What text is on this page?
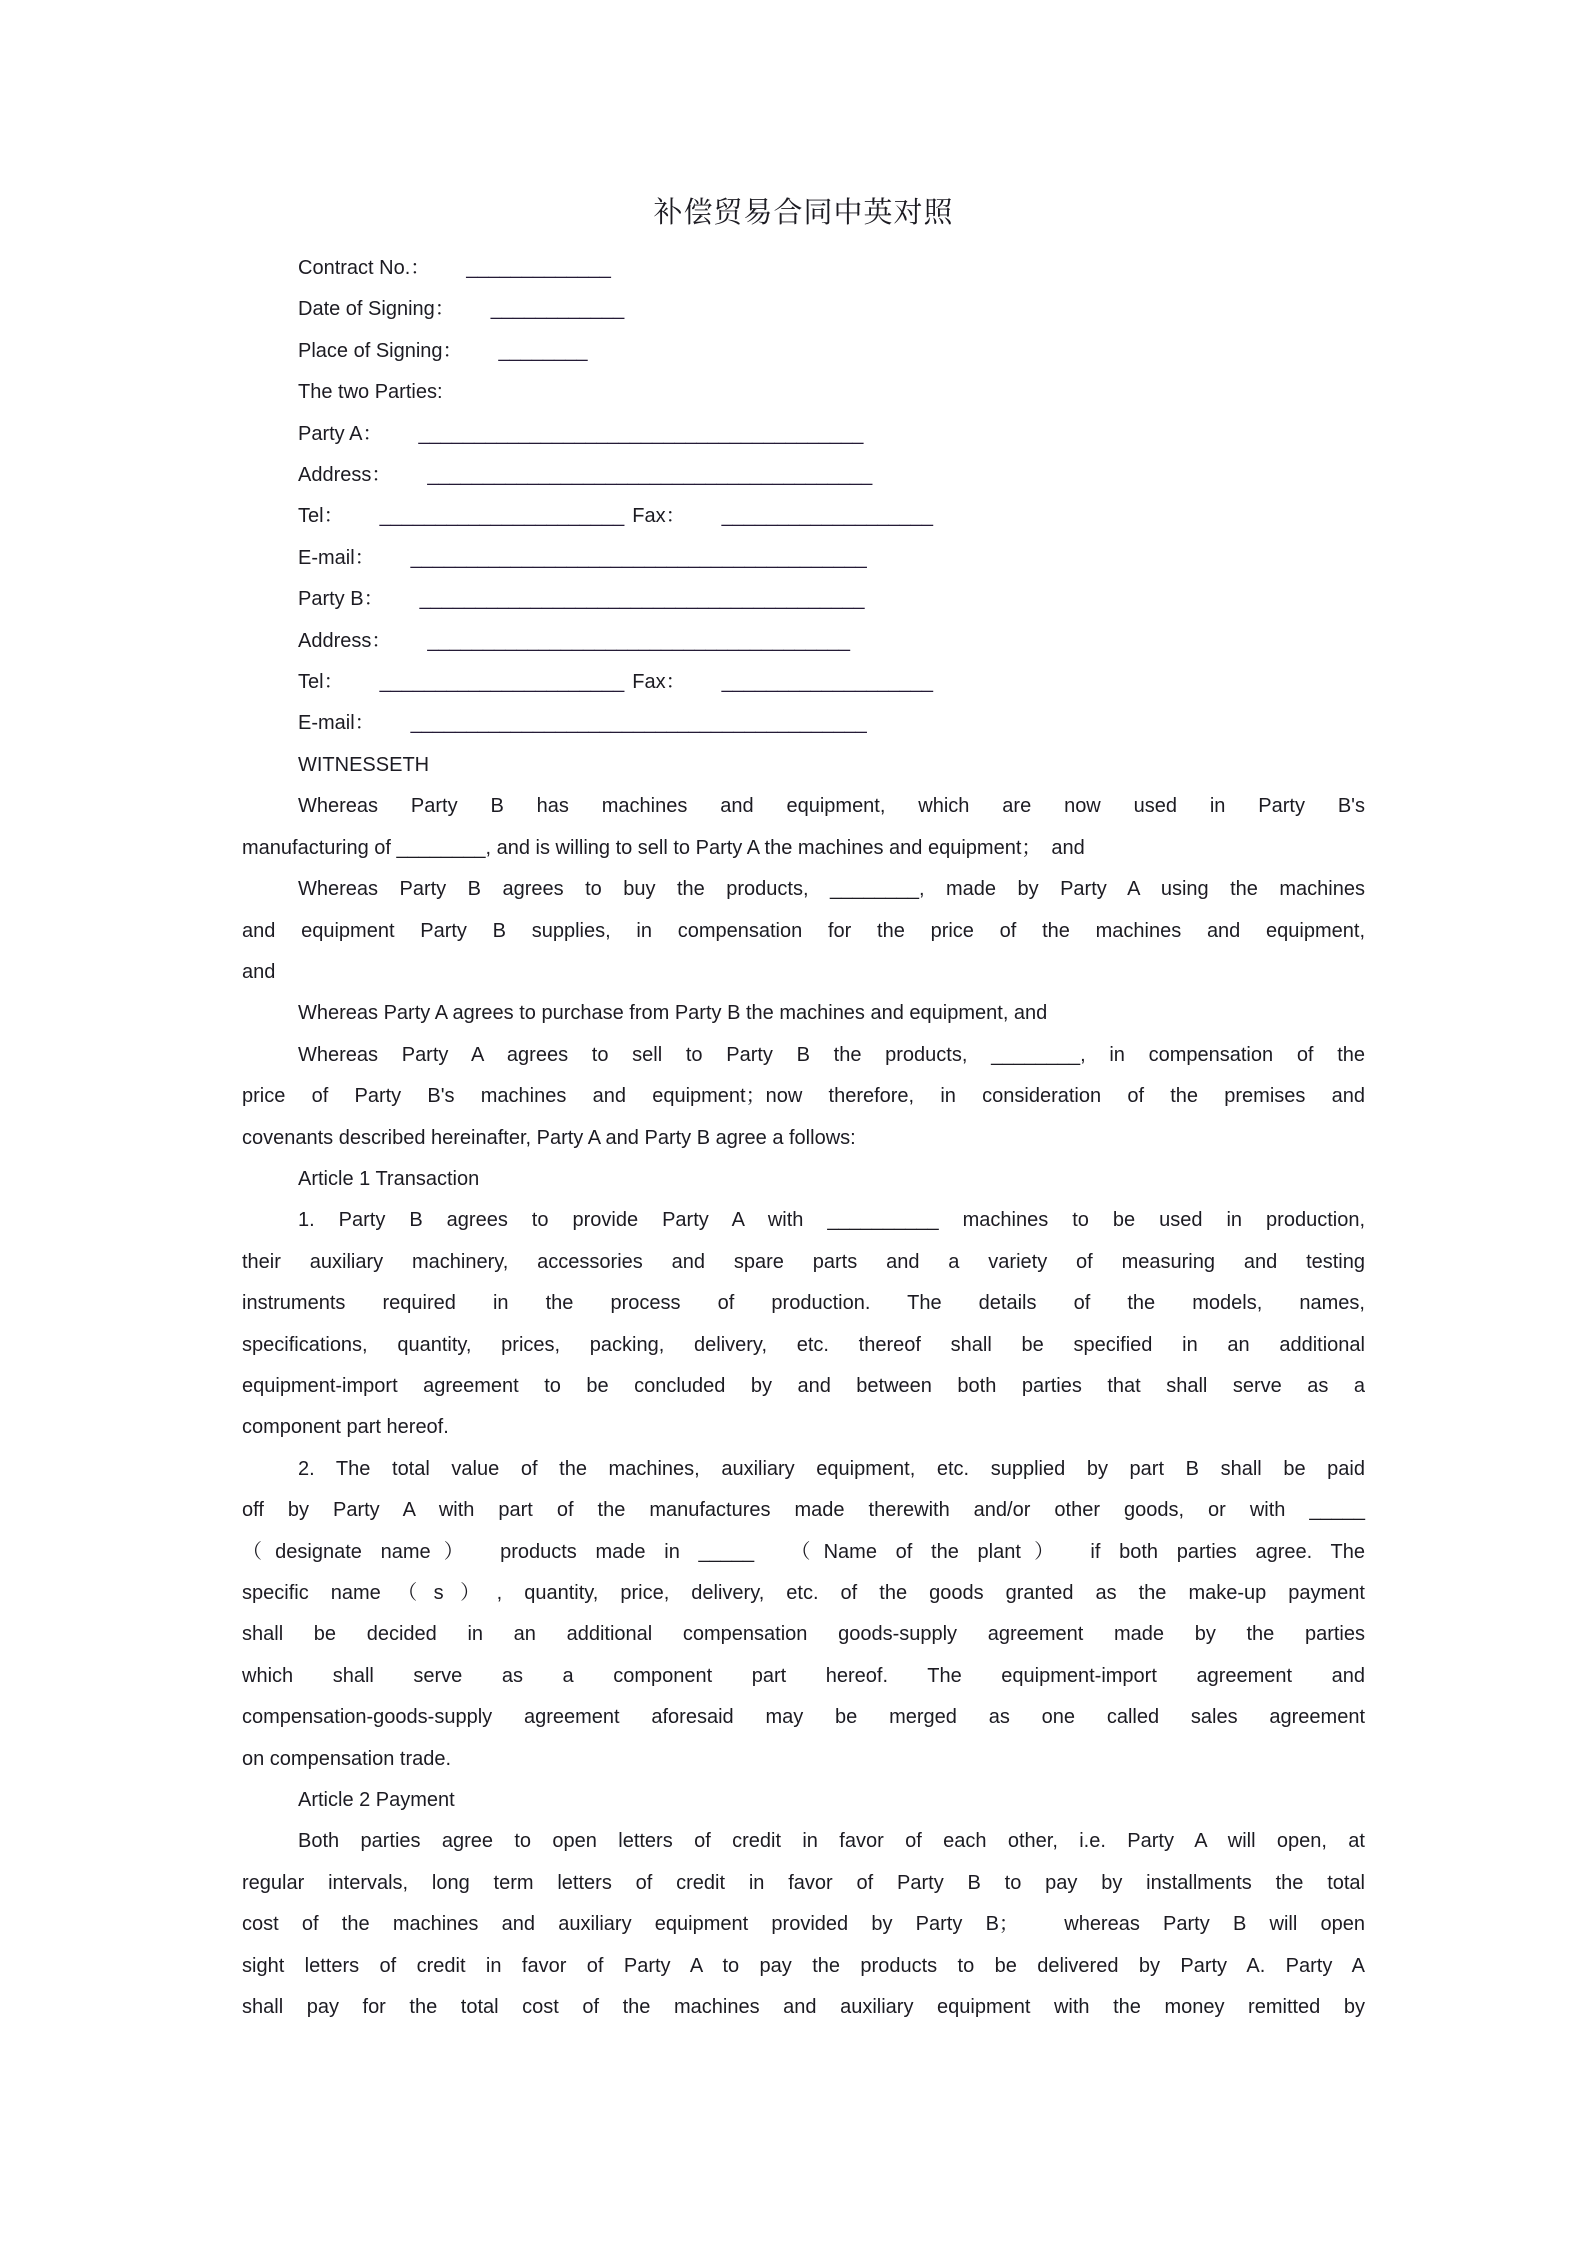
补偿贸易合同中英对照
Contract No.： _____________
Date of Signing： ____________
Place of Signing： ________
The two Parties:
Party A： ________________________________________
Address： ________________________________________
Tel： ______________________ Fax： ___________________
E-mail： _________________________________________
Party B： ________________________________________
Address： ______________________________________
Tel： ______________________ Fax： ___________________
E-mail： _________________________________________
WITNESSETH
Whereas Party B has machines and equipment, which are now used in Party B's
manufacturing of ________, and is willing to sell to Party A the machines and equipment；　and
Whereas Party B agrees to buy the products, ________, made by Party A using the machines
and equipment Party B supplies, in compensation for the price of the machines and equipment,
and
Whereas Party A agrees to purchase from Party B the machines and equipment, and
Whereas Party A agrees to sell to Party B the products, ________, in compensation of the
price of Party B's machines and equipment；now therefore, in consideration of the premises and
covenants described hereinafter, Party A and Party B agree a follows:
Article 1 Transaction
1. Party B agrees to provide Party A with __________ machines to be used in production,
their auxiliary machinery, accessories and spare parts and a variety of measuring and testing
instruments required in the process of production. The details of the models, names,
specifications, quantity, prices, packing, delivery, etc. thereof shall be specified in an additional
equipment-import agreement to be concluded by and between both parties that shall serve as a
component part hereof.
2. The total value of the machines, auxiliary equipment, etc. supplied by part B shall be paid
off by Party A with part of the manufactures made therewith and/or other goods, or with _____
（designate name）　products made in _____　（Name of the plant）　if both parties agree. The
specific name（s）, quantity, price, delivery, etc. of the goods granted as the make-up payment
shall be decided in an additional compensation goods-supply agreement made by the parties
which shall serve as a component part hereof. The equipment-import agreement and
compensation-goods-supply agreement aforesaid may be merged as one called sales agreement
on compensation trade.
Article 2 Payment
Both parties agree to open letters of credit in favor of each other, i.e. Party A will open, at
regular intervals, long term letters of credit in favor of Party B to pay by installments the total
cost of the machines and auxiliary equipment provided by Party B；　whereas Party B will open
sight letters of credit in favor of Party A to pay the products to be delivered by Party A. Party A
shall pay for the total cost of the machines and auxiliary equipment with the money remitted by
